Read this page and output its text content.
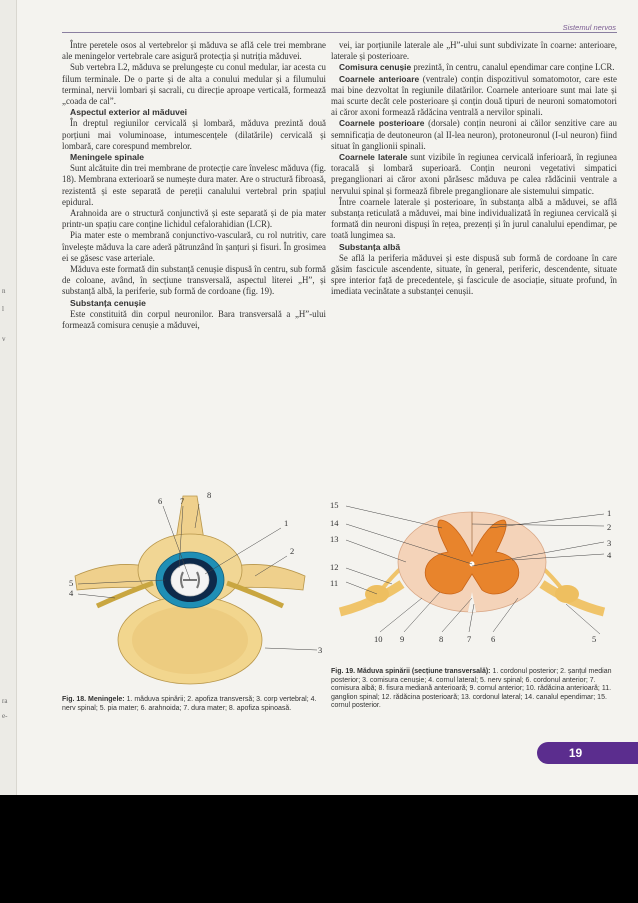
n
l
v
ra
e-
Sistemul nervos

Între peretele osos al vertebrelor și măduva se află cele trei membrane ale meningelor vertebrale care asigură protecția și nutriția măduvei.

Sub vertebra L2, măduva se prelungește cu conul medular, iar acesta cu filum terminale. De o parte și de alta a conului medular și a filumului terminal, nervii lombari și sacrali, cu direcție aproape verticală, formează „coada de cal”.

Aspectul exterior al măduvei

În dreptul regiunilor cervicală și lombară, măduva prezintă două porțiuni mai voluminoase, intumescențele (dilatările) cervicală și lombară, care corespund membrelor.

Meningele spinale

Sunt alcătuite din trei membrane de protecție care învelesc măduva (fig. 18). Membrana exterioară se numește dura mater. Are o structură fibroasă, rezistentă și este separată de pereții canalului vertebral prin spațiul epidural.

Arahnoida are o structură conjunctivă și este separată și de pia mater printr-un spațiu care conține lichidul cefalorahidian (LCR).

Pia mater este o membrană conjunctivo-vasculară, cu rol nutritiv, care învelește măduva la care aderă pătrunzând în șanțuri și fisuri. În grosimea ei se găsesc vase arteriale.

Măduva este formată din substanță cenușie dispusă în centru, sub formă de coloane, având, în secțiune transversală, aspectul literei „H”, și substanță albă, la periferie, sub formă de cordoane (fig. 19).

Substanța cenușie

Este constituită din corpul neuronilor. Bara transversală a „H”-ului formează comisura cenușie a măduvei,

vei, iar porțiunile laterale ale „H”-ului sunt subdivizate în coarne: anterioare, laterale și posterioare.

Comisura cenușie prezintă, în centru, canalul ependimar care conține LCR.

Coarnele anterioare (ventrale) conțin dispozitivul somatomotor, care este mai bine dezvoltat în regiunile dilatărilor. Coarnele anterioare sunt mai late și mai scurte decât cele posterioare și conțin două tipuri de neuroni somatomotori ai căror axoni formează rădăcina ventrală a nervilor spinali.

Coarnele posterioare (dorsale) conțin neuroni ai căilor senzitive care au semnificația de deutoneuron (al II-lea neuron), protoneuronul (I-ul neuron) fiind situat în ganglionii spinali.

Coarnele laterale sunt vizibile în regiunea cervicală inferioară, în regiunea toracală și lombară superioară. Conțin neuroni vegetativi simpatici preganglionari ai căror axoni părăsesc măduva pe calea rădăcinii ventrale a nervului spinal și formează fibrele preganglionare ale sistemului simpatic.

Între coarnele laterale și posterioare, în substanța albă a măduvei, se află substanța reticulată a măduvei, mai bine individualizată în regiunea cervicală și formată din neuroni dispuși în rețea, prezenți și în jurul canalului ependimar, pe toată lungimea sa.

Substanța albă

Se află la periferia măduvei și este dispusă sub formă de cordoane în care găsim fascicule ascendente, situate, în general, periferic, descendente, situate spre interior față de precedentele, și fascicule de asociație, situate profund, în imediata vecinătate a substanței cenușii.

6 7
8
1
2
5
4
3
15
14
13
12
11
1
2
3
4
5
10 9	8	7 6
Fig. 18. Meningele: 1. măduva spinării; 2. apofiza transversă; 3. corp vertebral; 4. nerv spinal; 5. pia mater; 6. arahnoida; 7. dura mater; 8. apofiza spinoasă.
Fig. 19. Măduva spinării (secțiune transversală): 1. cordonul posterior; 2. șanțul median posterior; 3. comisura cenușie; 4. cornul lateral; 5. nerv spinal; 6. cordonul anterior; 7. comisura albă; 8. fisura mediană anterioară; 9. cornul anterior; 10. rădăcina anterioară; 11. ganglion spinal; 12. rădăcina posterioară; 13. cordonul lateral; 14. canalul ependimar; 15. cornul posterior.
19
